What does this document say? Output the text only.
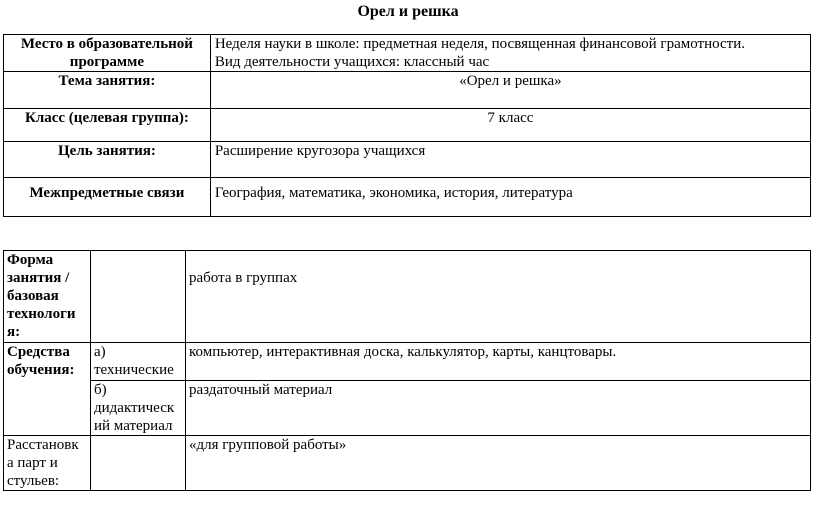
Орел и решка
Место в образовательной программе	Неделя науки в школе: предметная неделя, посвященная финансовой грамотности.
Вид деятельности учащихся: классный час

Тема занятия:	«Орел и решка»
Класс (целевая группа):	7 класс
Цель занятия:	Расширение кругозора учащихся
Межпредметные связи	География, математика, экономика, история, литература
Форма занятия / базовая технологи я:		работа в группах
Средства обучения:	а) технические	компьютер, интерактивная доска, калькулятор, карты, канцтовары.
	б) дидактическ ий материал	раздаточный материал
Расстановк а парт и стульев:		«для групповой работы»
